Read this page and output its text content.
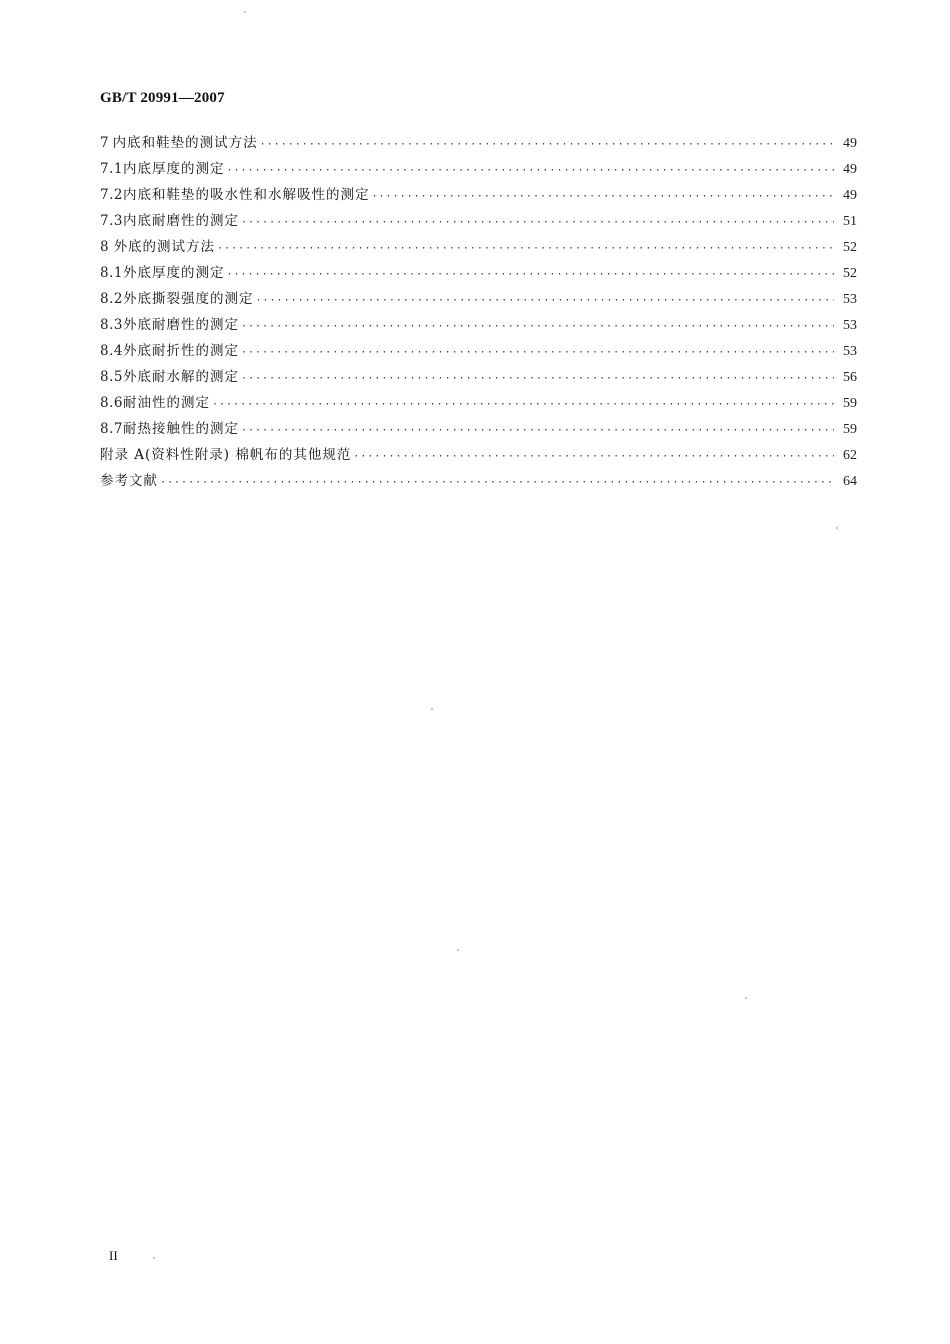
GB/T 20991—2007
7 内底和鞋垫的测试方法 ·····	49
7.1 内底厚度的测定 ·····	49
7.2 内底和鞋垫的吸水性和水解吸性的测定 ·····	49
7.3 内底耐磨性的测定 ·····	51
8 外底的测试方法 ·····	52
8.1 外底厚度的测定 ·····	52
8.2 外底撕裂强度的测定 ·····	53
8.3 外底耐磨性的测定 ·····	53
8.4 外底耐折性的测定 ·····	53
8.5 外底耐水解的测定 ·····	56
8.6 耐油性的测定 ·····	59
8.7 耐热接触性的测定 ·····	59
附录 A(资料性附录) 棉帆布的其他规范 ·····	62
参考文献 ·····	64
II
